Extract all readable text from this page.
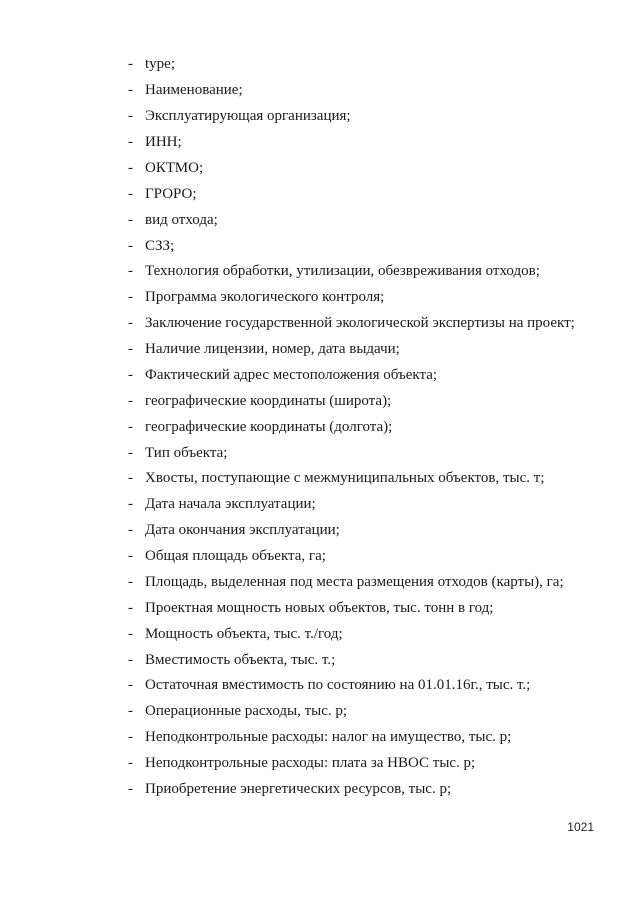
- type;
- Наименование;
- Эксплуатирующая организация;
- ИНН;
- ОКТМО;
- ГРОРО;
- вид отхода;
- СЗЗ;
- Технология обработки, утилизации, обезвреживания отходов;
- Программа экологического контроля;
- Заключение государственной экологической экспертизы на проект;
- Наличие лицензии, номер, дата выдачи;
- Фактический адрес местоположения объекта;
- географические координаты (широта);
- географические координаты (долгота);
- Тип объекта;
- Хвосты, поступающие с межмуниципальных объектов, тыс. т;
- Дата начала эксплуатации;
- Дата окончания эксплуатации;
- Общая площадь объекта, га;
- Площадь, выделенная под места размещения отходов (карты), га;
- Проектная мощность новых объектов, тыс. тонн в год;
- Мощность объекта, тыс. т./год;
- Вместимость объекта, тыс. т.;
- Остаточная вместимость по состоянию на 01.01.16г., тыс. т.;
- Операционные расходы, тыс. р;
- Неподконтрольные расходы: налог на имущество, тыс. р;
- Неподконтрольные расходы: плата за НВОС тыс. р;
- Приобретение энергетических ресурсов, тыс. р;
1021
